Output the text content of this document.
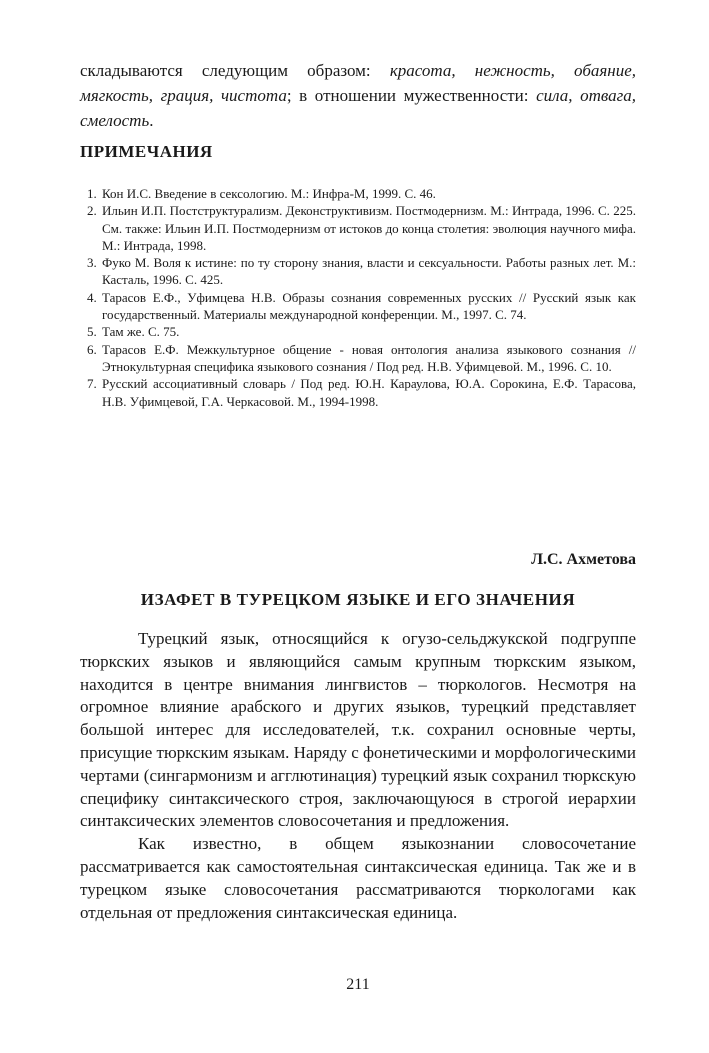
складываются следующим образом: красота, нежность, обаяние, мягкость, грация, чистота; в отношении мужественности: сила, отвага, смелость.

ПРИМЕЧАНИЯ
1. Кон И.С. Введение в сексологию. М.: Инфра-М, 1999. С. 46.
2. Ильин И.П. Постструктурализм. Деконструктивизм. Постмодернизм. М.: Интрада, 1996. С. 225. См. также: Ильин И.П. Постмодернизм от истоков до конца столетия: эволюция научного мифа. М.: Интрада, 1998.
3. Фуко М. Воля к истине: по ту сторону знания, власти и сексуальности. Работы разных лет. М.: Касталь, 1996. С. 425.
4. Тарасов Е.Ф., Уфимцева Н.В. Образы сознания современных русских // Русский язык как государственный. Материалы международной конференции. М., 1997. С. 74.
5. Там же. С. 75.
6. Тарасов Е.Ф. Межкультурное общение - новая онтология анализа языкового сознания // Этнокультурная специфика языкового сознания / Под ред. Н.В. Уфимцевой. М., 1996. С. 10.
7. Русский ассоциативный словарь / Под ред. Ю.Н. Караулова, Ю.А. Сорокина, Е.Ф. Тарасова, Н.В. Уфимцевой, Г.А. Черкасовой. М., 1994-1998.

Л.С. Ахметова

ИЗАФЕТ В ТУРЕЦКОМ ЯЗЫКЕ И ЕГО ЗНАЧЕНИЯ

Турецкий язык, относящийся к огузо-сельджукской подгруппе тюркских языков и являющийся самым крупным тюркским языком, находится в центре внимания лингвистов – тюркологов. Несмотря на огромное влияние арабского и других языков, турецкий представляет большой интерес для исследователей, т.к. сохранил основные черты, присущие тюркским языкам. Наряду с фонетическими и морфологическими чертами (сингармонизм и агглютинация) турецкий язык сохранил тюркскую специфику синтаксического строя, заключающуюся в строгой иерархии синтаксических элементов словосочетания и предложения.

Как известно, в общем языкознании словосочетание рассматривается как самостоятельная синтаксическая единица. Так же и в турецком языке словосочетания рассматриваются тюркологами как отдельная от предложения синтаксическая единица.

211
